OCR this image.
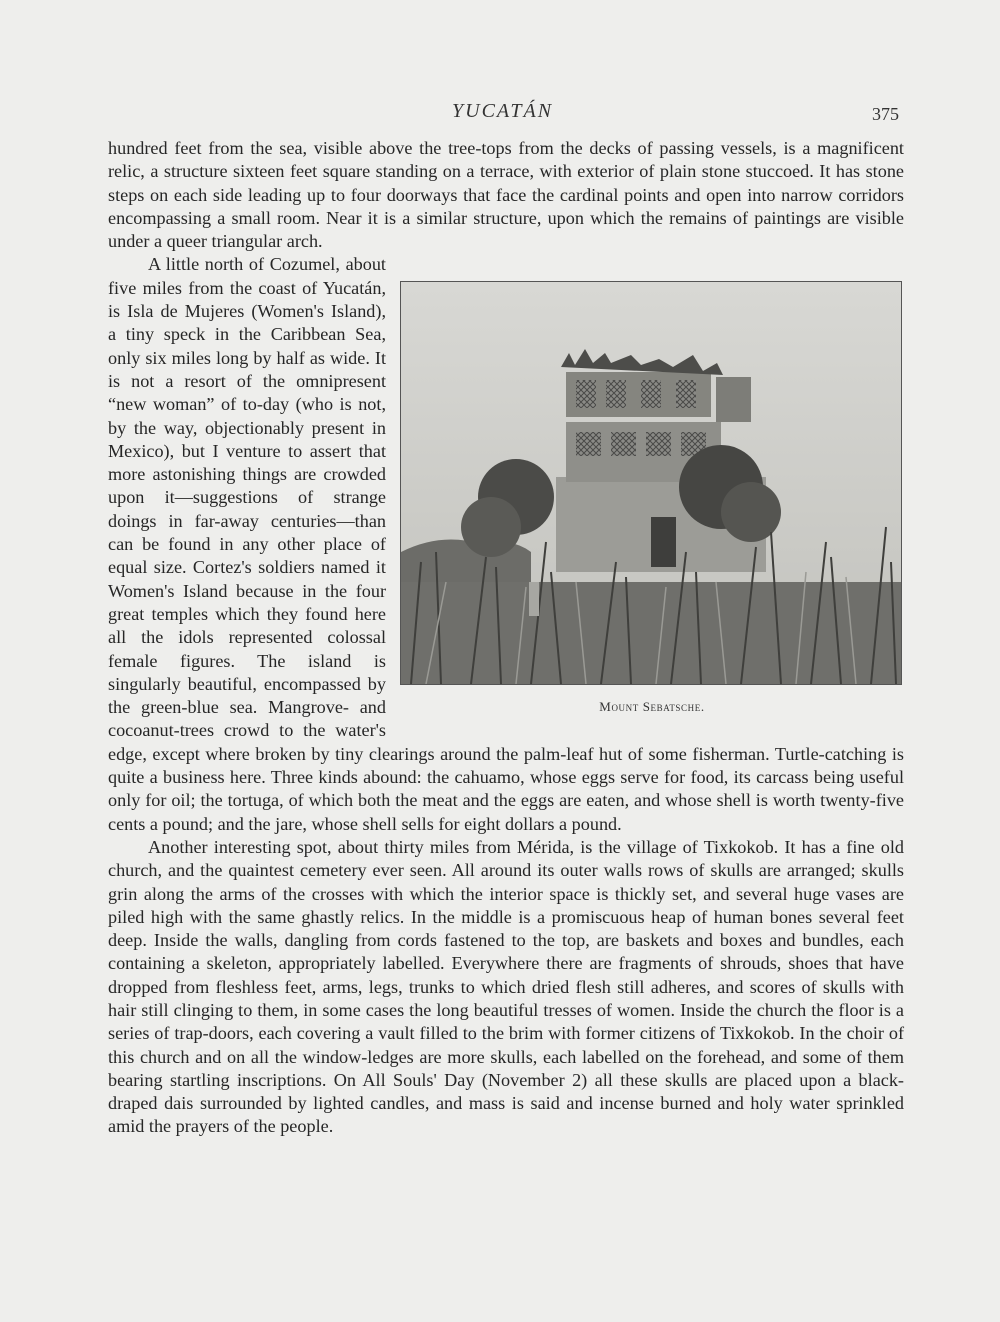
YUCATÁN	375

hundred feet from the sea, visible above the tree-tops from the decks of passing vessels, is a magnificent relic, a structure sixteen feet square standing on a terrace, with exterior of plain stone stuccoed. It has stone steps on each side leading up to four doorways that face the cardinal points and open into narrow corridors encompassing a small room. Near it is a similar structure, upon which the remains of paintings are visible under a queer triangular arch.

Mount Sebatsche.

A little north of Cozumel, about five miles from the coast of Yucatán, is Isla de Mujeres (Women's Island), a tiny speck in the Caribbean Sea, only six miles long by half as wide. It is not a resort of the omnipresent “new woman” of to-day (who is not, by the way, objectionably present in Mexico), but I venture to assert that more astonishing things are crowded upon it—suggestions of strange doings in far-away centuries—than can be found in any other place of equal size. Cortez's soldiers named it Women's Island because in the four great temples which they found here all the idols represented colossal female figures. The island is singularly beautiful, encompassed by the green-blue sea. Mangrove- and cocoanut-trees crowd to the water's edge, except where broken by tiny clearings around the palm-leaf hut of some fisherman. Turtle-catching is quite a business here. Three kinds abound: the cahuamo, whose eggs serve for food, its carcass being useful only for oil; the tortuga, of which both the meat and the eggs are eaten, and whose shell is worth twenty-five cents a pound; and the jare, whose shell sells for eight dollars a pound.

Another interesting spot, about thirty miles from Mérida, is the village of Tixkokob. It has a fine old church, and the quaintest cemetery ever seen. All around its outer walls rows of skulls are arranged; skulls grin along the arms of the crosses with which the interior space is thickly set, and several huge vases are piled high with the same ghastly relics. In the middle is a promiscuous heap of human bones several feet deep. Inside the walls, dangling from cords fastened to the top, are baskets and boxes and bundles, each containing a skeleton, appropriately labelled. Everywhere there are fragments of shrouds, shoes that have dropped from fleshless feet, arms, legs, trunks to which dried flesh still adheres, and scores of skulls with hair still clinging to them, in some cases the long beautiful tresses of women. Inside the church the floor is a series of trap-doors, each covering a vault filled to the brim with former citizens of Tixkokob. In the choir of this church and on all the window-ledges are more skulls, each labelled on the forehead, and some of them bearing startling inscriptions. On All Souls' Day (November 2) all these skulls are placed upon a black-draped dais surrounded by lighted candles, and mass is said and incense burned and holy water sprinkled amid the prayers of the people.
